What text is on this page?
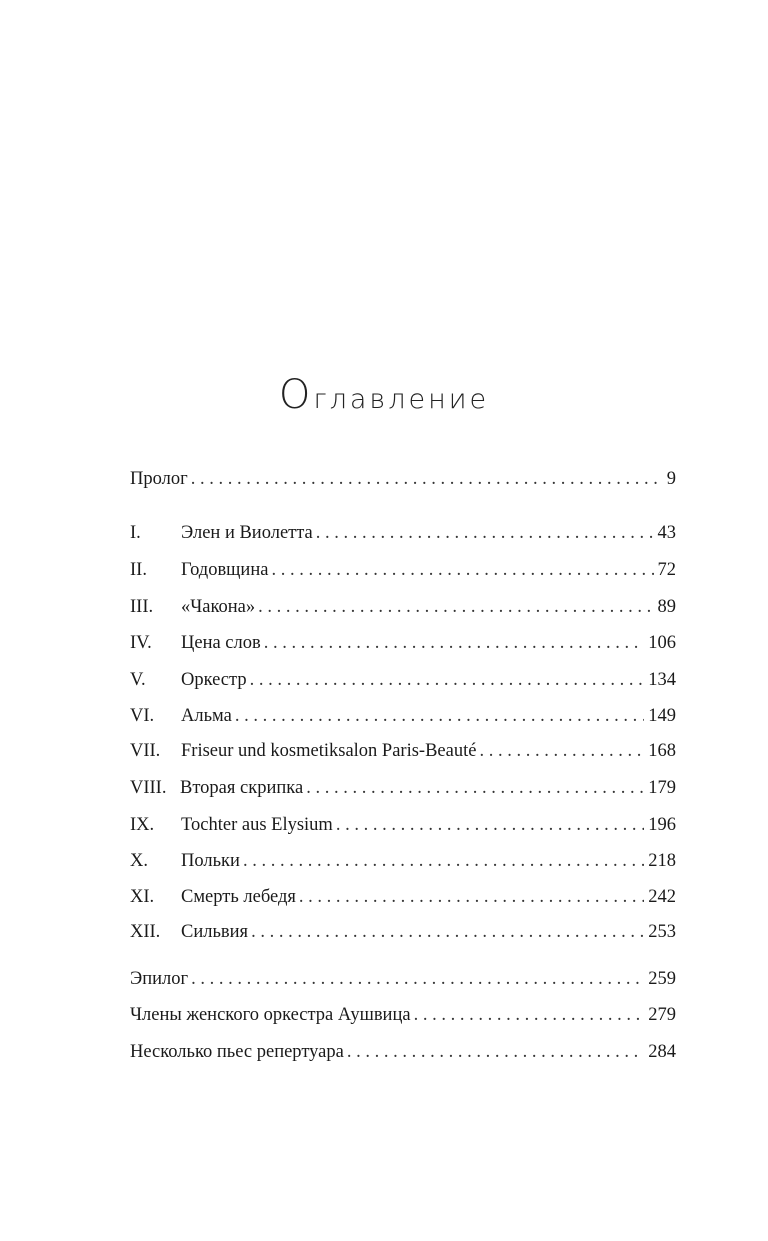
Оглавление
Пролог . . .	9
I.	Элен и Виолетта . . .	43
II.	Годовщина . . .	72
III.	«Чакона» . . .	89
IV.	Цена слов . . .	106
V.	Оркестр . . .	134
VI.	Альма . . .	149
VII.	Friseur und kosmetiksalon Paris-Beauté . . .	168
VIII. Вторая скрипка . . .	179
IX.	Tochter aus Elysium . . .	196
X.	Польки . . .	218
XI.	Смерть лебедя . . .	242
XII.	Сильвия . . .	253
Эпилог . . .	259
Члены женского оркестра Аушвица . . .	279
Несколько пьес репертуара . . .	284
